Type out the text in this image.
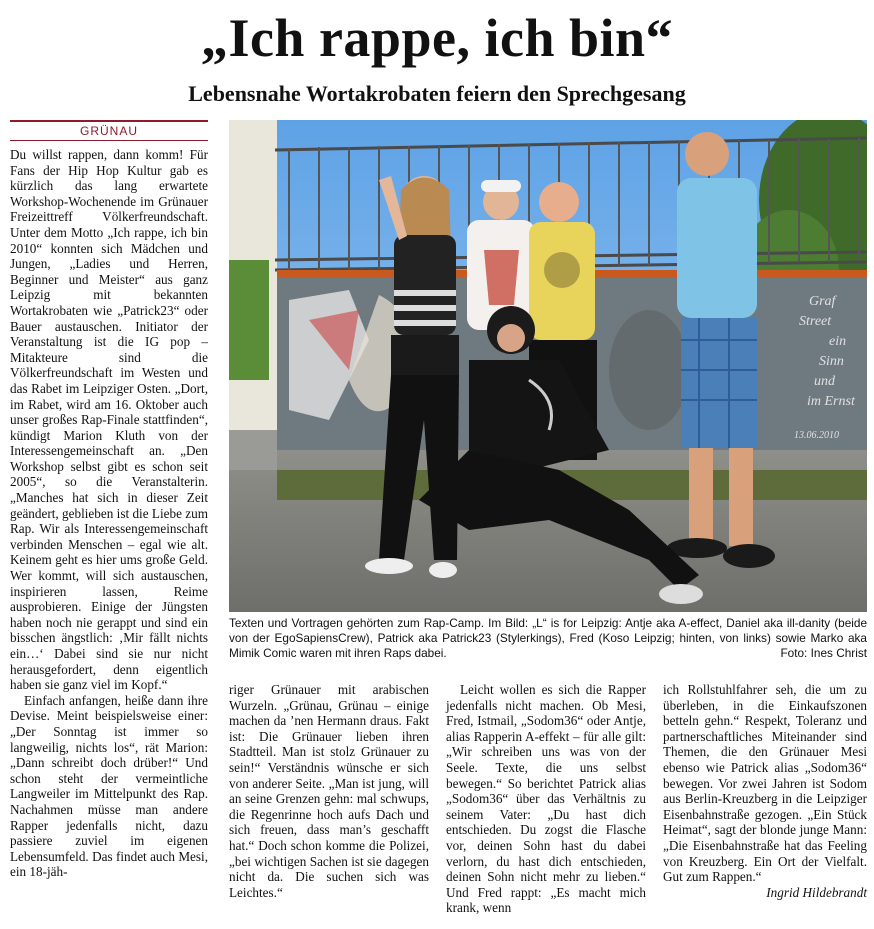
„Ich rappe, ich bin“
Lebensnahe Wortakrobaten feiern den Sprechgesang
GRÜNAU

Du willst rappen, dann komm! Für Fans der Hip Hop Kultur gab es kürzlich das lang erwartete Workshop-Wochenende im Grünauer Freizeittreff Völkerfreundschaft. Unter dem Motto „Ich rappe, ich bin 2010“ konnten sich Mädchen und Jungen, „Ladies und Herren, Beginner und Meister“ aus ganz Leipzig mit bekannten Wortakrobaten wie „Patrick23“ oder Bauer austauschen. Initiator der Veranstaltung ist die IG pop – Mitakteure sind die Völkerfreundschaft im Westen und das Rabet im Leipziger Osten. „Dort, im Rabet, wird am 16. Oktober auch unser großes Rap-Finale stattfinden“, kündigt Marion Kluth von der Interessengemeinschaft an. „Den Workshop selbst gibt es schon seit 2005“, so die Veranstalterin. „Manches hat sich in dieser Zeit geändert, geblieben ist die Liebe zum Rap. Wir als Interessengemeinschaft verbinden Menschen – egal wie alt. Keinem geht es hier ums große Geld. Wer kommt, will sich austauschen, inspirieren lassen, Reime ausprobieren. Einige der Jüngsten haben noch nie gerappt und sind ein bisschen ängstlich: ‚Mir fällt nichts ein…‘ Dabei sind sie nur nicht herausgefordert, denn eigentlich haben sie ganz viel im Kopf.“

Einfach anfangen, heiße dann ihre Devise. Meint beispielsweise einer: „Der Sonntag ist immer so langweilig, nichts los“, rät Marion: „Dann schreibt doch drüber!“ Und schon steht der vermeintliche Langweiler im Mittelpunkt des Rap. Nachahmen müsse man andere Rapper jedenfalls nicht, dazu passiere zuviel im eigenen Lebensumfeld. Das findet auch Mesi, ein 18-jäh-

Graf
Street
ein
Sinn
und
im Ernst
13.06.2010
Texten und Vortragen gehörten zum Rap-Camp. Im Bild: „L“ is for Leipzig: Antje aka A-effect, Daniel aka ill-danity (beide von der EgoSapiensCrew), Patrick aka Patrick23 (Stylerkings), Fred (Koso Leipzig; hinten, von links) sowie Marko aka Mimik Comic waren mit ihren Raps dabei.	Foto: Ines Christ

riger Grünauer mit arabischen Wurzeln. „Grünau, Grünau – einige machen da ’nen Hermann draus. Fakt ist: Die Grünauer lieben ihren Stadtteil. Man ist stolz Grünauer zu sein!“ Verständnis wünsche er sich von anderer Seite. „Man ist jung, will an seine Grenzen gehn: mal schwups, die Regenrinne hoch aufs Dach und sich freuen, dass man’s geschafft hat.“ Doch schon komme die Polizei, „bei wichtigen Sachen ist sie dagegen nicht da. Die suchen sich was Leichtes.“

Leicht wollen es sich die Rapper jedenfalls nicht machen. Ob Mesi, Fred, Istmail, „Sodom36“ oder Antje, alias Rapperin A-effekt – für alle gilt: „Wir schreiben uns was von der Seele. Texte, die uns selbst bewegen.“ So berichtet Patrick alias „Sodom36“ über das Verhältnis zu seinem Vater: „Du hast dich entschieden. Du zogst die Flasche vor, deinen Sohn hast du dabei verlorn, du hast dich entschieden, deinen Sohn nicht mehr zu lieben.“ Und Fred rappt: „Es macht mich krank, wenn

ich Rollstuhlfahrer seh, die um zu überleben, in die Einkaufszonen betteln gehn.“ Respekt, Toleranz und partnerschaftliches Miteinander sind Themen, die den Grünauer Mesi ebenso wie Patrick alias „Sodom36“ bewegen. Vor zwei Jahren ist Sodom aus Berlin-Kreuzberg in die Leipziger Eisenbahnstraße gezogen. „Ein Stück Heimat“, sagt der blonde junge Mann: „Die Eisenbahnstraße hat das Feeling von Kreuzberg. Ein Ort der Vielfalt. Gut zum Rappen.“

Ingrid Hildebrandt
